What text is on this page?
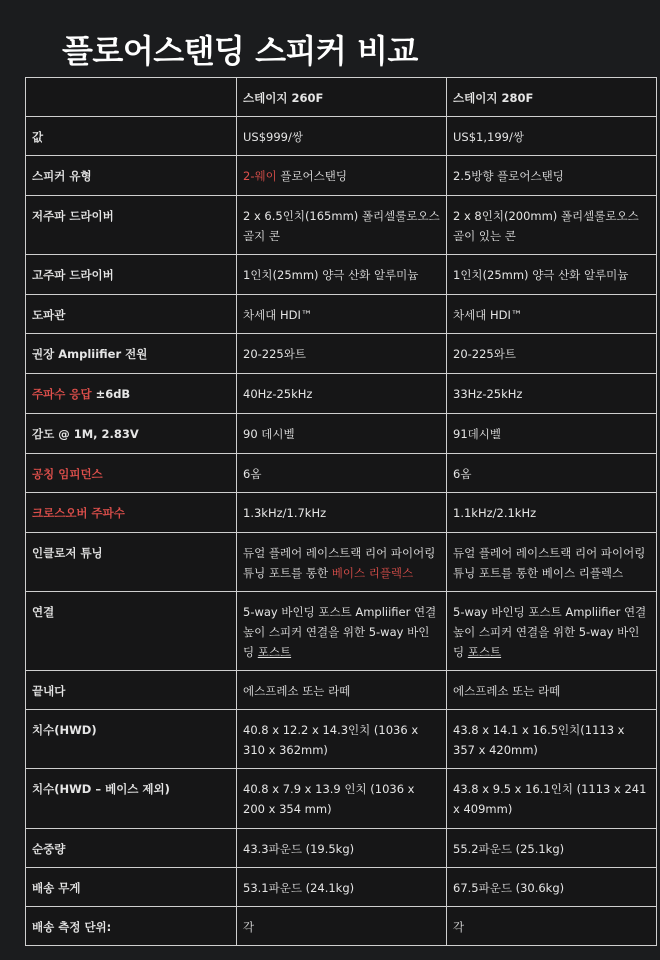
플로어스탠딩 스피커 비교
	스테이지 260F	스테이지 280F
값	US$999/쌍	US$1,199/쌍
스피커 유형	2-웨이 플로어스탠딩	2.5방향 플로어스탠딩
저주파 드라이버	2 x 6.5인치(165mm) 폴리셀룰로오스 골지 콘	2 x 8인치(200mm) 폴리셀룰로오스 골이 있는 콘
고주파 드라이버	1인치(25mm) 양극 산화 알루미늄	1인치(25mm) 양극 산화 알루미늄
도파관	차세대 HDI™	차세대 HDI™
권장 Ampliifier 전원	20-225와트	20-225와트
주파수 응답 ±6dB	40Hz-25kHz	33Hz-25kHz
감도 @ 1M, 2.83V	90 데시벨	91데시벨
공칭 임피던스	6옴	6옴
크로스오버 주파수	1.3kHz/1.7kHz	1.1kHz/2.1kHz
인클로저 튜닝	듀얼 플레어 레이스트랙 리어 파이어링 튜닝 포트를 통한 베이스 리플렉스	듀얼 플레어 레이스트랙 리어 파이어링 튜닝 포트를 통한 베이스 리플렉스
연결	5-way 바인딩 포스트 Ampliifier 연결 높이 스피커 연결을 위한 5-way 바인딩 포스트	5-way 바인딩 포스트 Ampliifier 연결 높이 스피커 연결을 위한 5-way 바인딩 포스트
끝내다	에스프레소 또는 라떼	에스프레소 또는 라떼
치수(HWD)	40.8 x 12.2 x 14.3인치 (1036 x 310 x 362mm)	43.8 x 14.1 x 16.5인치(1113 x 357 x 420mm)
치수(HWD – 베이스 제외)	40.8 x 7.9 x 13.9 인치 (1036 x 200 x 354 mm)	43.8 x 9.5 x 16.1인치 (1113 x 241 x 409mm)
순중량	43.3파운드 (19.5kg)	55.2파운드 (25.1kg)
배송 무게	53.1파운드 (24.1kg)	67.5파운드 (30.6kg)
배송 측정 단위:	각	각
